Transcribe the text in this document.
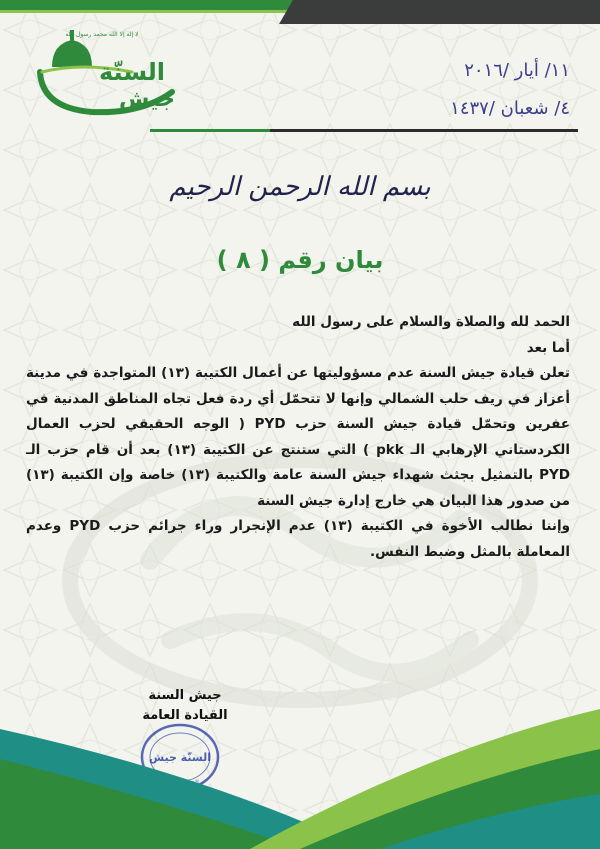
لا إله إلا الله محمد رسول الله
السنّة
جيش
١١/ أيار /٢٠١٦
٤/ شعبان /١٤٣٧
بسم الله الرحمن الرحيم
بيان رقم ( ٨ )

الحمد لله والصلاة والسلام على رسول الله

أما بعد

تعلن قيادة جيش السنة عدم مسؤوليتها عن أعمال الكتيبة (١٣) المتواجدة في مدينة أعزاز في ريف حلب الشمالي وإنها لا تتحمّل أي ردة فعل تجاه المناطق المدنية في عفرين وتحمّل قيادة جيش السنة حزب PYD ( الوجه الحقيقي لحزب العمال الكردستاني الإرهابي الـ pkk ) التي ستنتج عن الكتيبة (١٣) بعد أن قام حزب الـ PYD بالتمثيل بجثث شهداء جيش السنة عامة والكتيبة (١٣) خاصة وإن الكتيبة (١٣) من صدور هذا البيان هي خارج إدارة جيش السنة

وإننا نطالب الأخوة في الكتيبة (١٣) عدم الإنجرار وراء جرائم حزب PYD وعدم المعاملة بالمثل وضبط النفس.

جيش السنة
القيادة العامة
السنّة جيش
